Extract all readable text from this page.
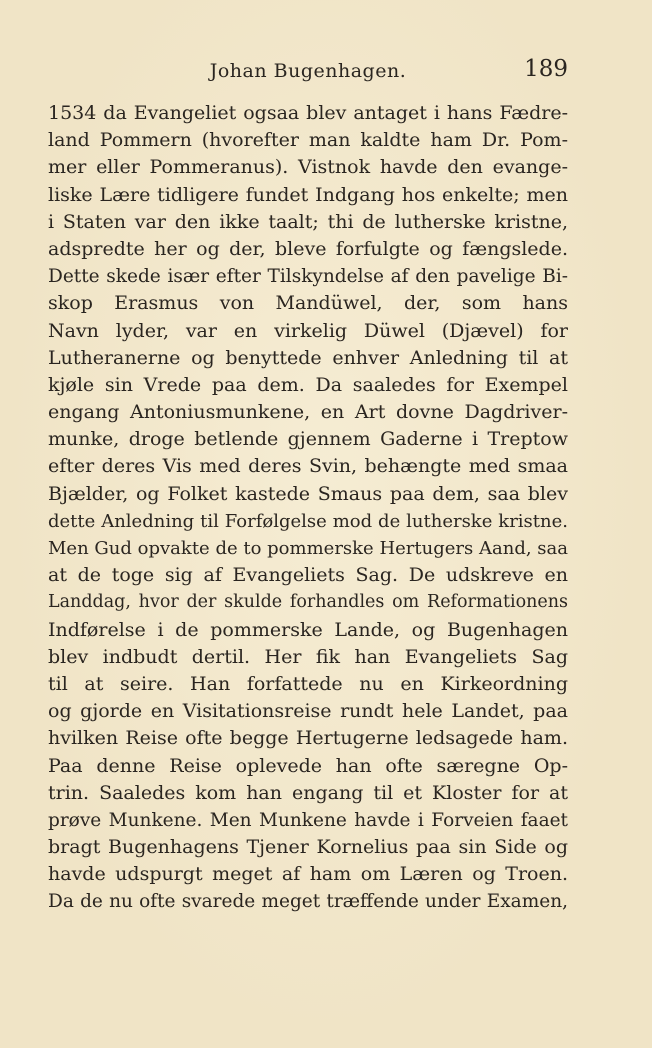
Johan Bugenhagen.	189
1534 da Evangeliet ogsaa blev antaget i hans Fædre-
land Pommern (hvorefter man kaldte ham Dr. Pom-
mer eller Pommeranus). Vistnok havde den evange-
liske Lære tidligere fundet Indgang hos enkelte; men
i Staten var den ikke taalt; thi de lutherske kristne,
adspredte her og der, bleve forfulgte og fængslede.
Dette skede især efter Tilskyndelse af den pavelige Bi-
skop Erasmus von Mandüwel, der, som hans
Navn lyder, var en virkelig Düwel (Djævel) for
Lutheranerne og benyttede enhver Anledning til at
kjøle sin Vrede paa dem. Da saaledes for Exempel
engang Antoniusmunkene, en Art dovne Dagdriver-
munke, droge betlende gjennem Gaderne i Treptow
efter deres Vis med deres Svin, behængte med smaa
Bjælder, og Folket kastede Smaus paa dem, saa blev
dette Anledning til Forfølgelse mod de lutherske kristne.
Men Gud opvakte de to pommerske Hertugers Aand, saa
at de toge sig af Evangeliets Sag. De udskreve en
Landdag, hvor der skulde forhandles om Reformationens
Indførelse i de pommerske Lande, og Bugenhagen
blev indbudt dertil. Her fik han Evangeliets Sag
til at seire. Han forfattede nu en Kirkeordning
og gjorde en Visitationsreise rundt hele Landet, paa
hvilken Reise ofte begge Hertugerne ledsagede ham.
Paa denne Reise oplevede han ofte særegne Op-
trin. Saaledes kom han engang til et Kloster for at
prøve Munkene. Men Munkene havde i Forveien faaet
bragt Bugenhagens Tjener Kornelius paa sin Side og
havde udspurgt meget af ham om Læren og Troen.
Da de nu ofte svarede meget træffende under Examen,
